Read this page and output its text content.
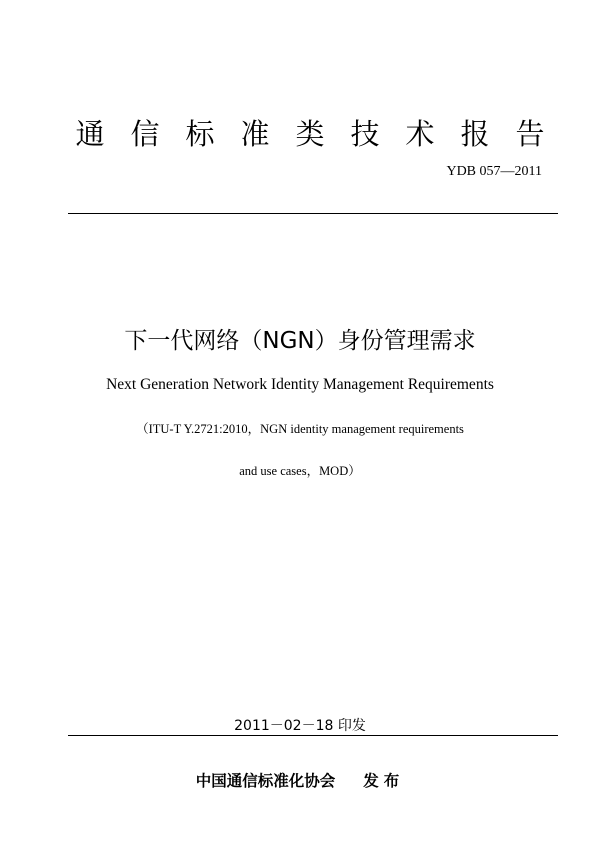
通 信 标 准 类 技 术 报 告
YDB 057—2011
下一代网络（NGN）身份管理需求

Next Generation Network Identity Management Requirements

（ITU-T Y.2721:2010，NGN identity management requirements

and use cases，MOD）

2011－02－18 印发

中国通信标准化协会 发布
